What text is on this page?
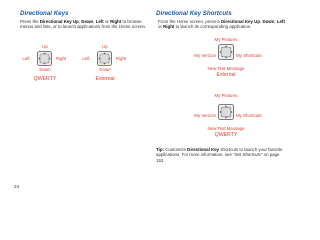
Directional Keys
Press the Directional Key Up, Down, Left or Right to browse menus and lists, or to launch applications from the Home screen.
Up
Left	Right
Down
QWERTY
Up
Left	Right
Down
External
Directional Key Shortcuts
From the Home screen, press a Directional Key Up, Down, Left or Right to launch its corresponding application.
My Pictures
My Verizon	My Shortcuts
New Text Message
External
My Pictures
My Verizon	My Shortcuts
New Text Message
QWERTY
Tip: Customize Directional Key shortcuts to launch your favorite applications. For more information, see “Set Shortcuts” on page 153.
24
